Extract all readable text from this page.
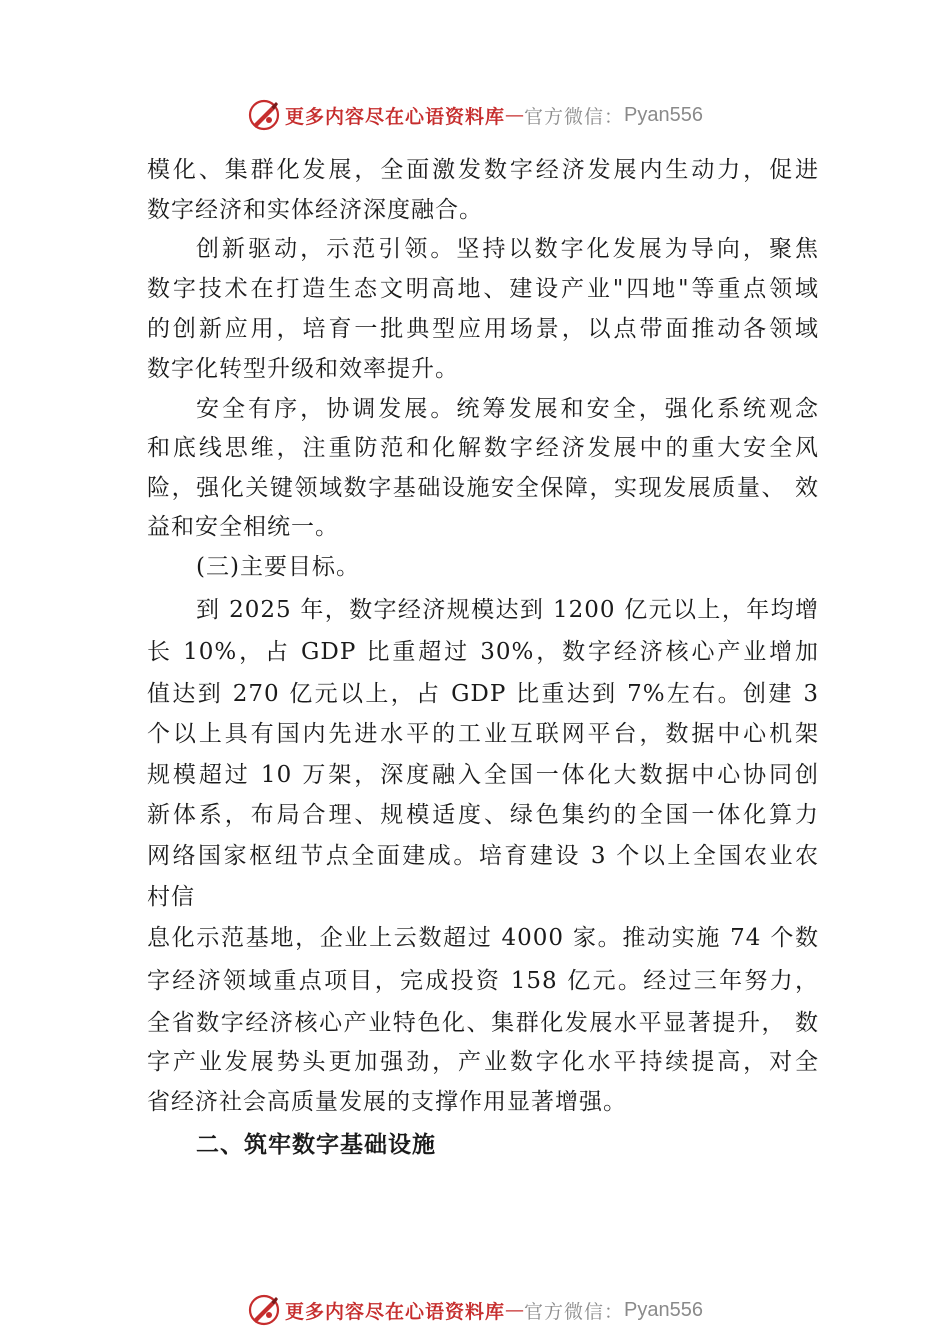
更多内容尽在心语资料库 — 官方微信： Pyan556
模化、集群化发展，全面激发数字经济发展内生动力，促进
数字经济和实体经济深度融合。
创新驱动，示范引领。坚持以数字化发展为导向，聚焦
数字技术在打造生态文明高地、建设产业"四地"等重点领域
的创新应用，培育一批典型应用场景，以点带面推动各领域
数字化转型升级和效率提升。
安全有序，协调发展。统筹发展和安全，强化系统观念
和底线思维，注重防范和化解数字经济发展中的重大安全风
险，强化关键领域数字基础设施安全保障，实现发展质量、 效
益和安全相统一。
(三)主要目标。
到 2025 年，数字经济规模达到 1200 亿元以上，年均增
长 10%，占 GDP 比重超过 30%，数字经济核心产业增加
值达到 270 亿元以上，占 GDP 比重达到 7%左右。创建 3
个以上具有国内先进水平的工业互联网平台，数据中心机架
规模超过 10 万架，深度融入全国一体化大数据中心协同创
新体系，布局合理、规模适度、绿色集约的全国一体化算力
网络国家枢纽节点全面建成。培育建设 3 个以上全国农业农
村信
息化示范基地，企业上云数超过 4000 家。推动实施 74 个数
字经济领域重点项目，完成投资 158 亿元。经过三年努力，
全省数字经济核心产业特色化、集群化发展水平显著提升， 数
字产业发展势头更加强劲，产业数字化水平持续提高，对全
省经济社会高质量发展的支撑作用显著增强。
二、筑牢数字基础设施
更多内容尽在心语资料库 — 官方微信： Pyan556
